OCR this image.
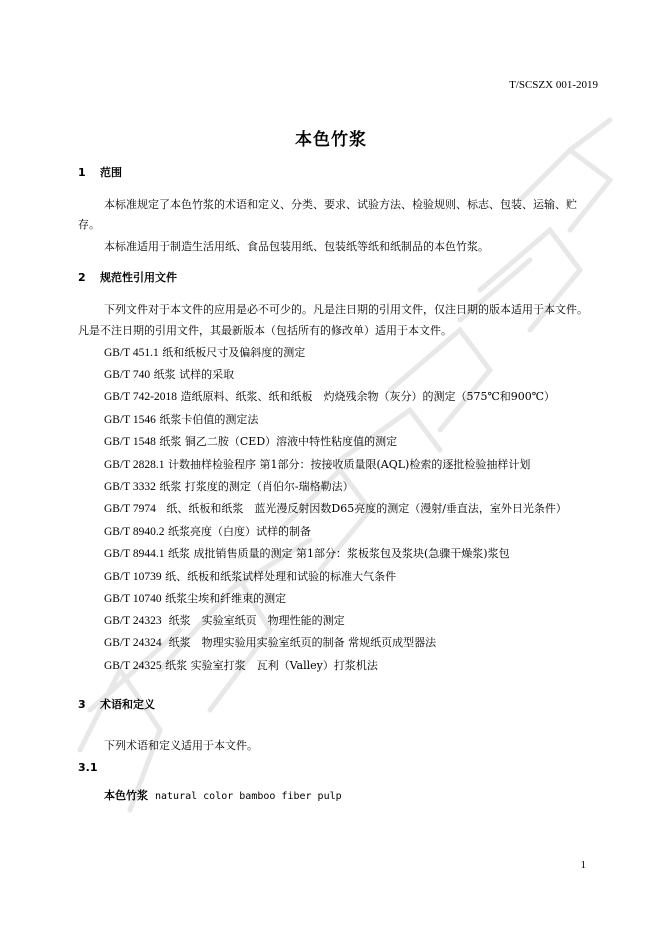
T/SCSZX 001-2019
本色竹浆
1 范围
本标准规定了本色竹浆的术语和定义、分类、要求、试验方法、检验规则、标志、包装、运输、贮
存。
本标准适用于制造生活用纸、食品包装用纸、包装纸等纸和纸制品的本色竹浆。
2 规范性引用文件
下列文件对于本文件的应用是必不可少的。凡是注日期的引用文件，仅注日期的版本适用于本文件。
凡是不注日期的引用文件，其最新版本（包括所有的修改单）适用于本文件。
GB/T 451.1 纸和纸板尺寸及偏斜度的测定
GB/T 740 纸浆 试样的采取
GB/T 742-2018 造纸原料、纸浆、纸和纸板　灼烧残余物（灰分）的测定（575℃和900℃）
GB/T 1546 纸浆卡伯值的测定法
GB/T 1548 纸浆 铜乙二胺（CED）溶液中特性粘度值的测定
GB/T 2828.1 计数抽样检验程序 第1部分：按接收质量限(AQL)检索的逐批检验抽样计划
GB/T 3332 纸浆 打浆度的测定（肖伯尔-瑞格勒法）
GB/T 7974 纸、纸板和纸浆　蓝光漫反射因数D65亮度的测定（漫射/垂直法，室外日光条件）
GB/T 8940.2 纸浆亮度（白度）试样的制备
GB/T 8944.1 纸浆 成批销售质量的测定 第1部分：浆板浆包及浆块(急骤干燥浆)浆包
GB/T 10739 纸、纸板和纸浆试样处理和试验的标准大气条件
GB/T 10740 纸浆尘埃和纤维束的测定
GB/T 24323 纸浆　实验室纸页　物理性能的测定
GB/T 24324 纸浆　物理实验用实验室纸页的制备 常规纸页成型器法
GB/T 24325 纸浆 实验室打浆　瓦利（Valley）打浆机法
3 术语和定义
下列术语和定义适用于本文件。
3.1
本色竹浆 natural color bamboo fiber pulp
1
